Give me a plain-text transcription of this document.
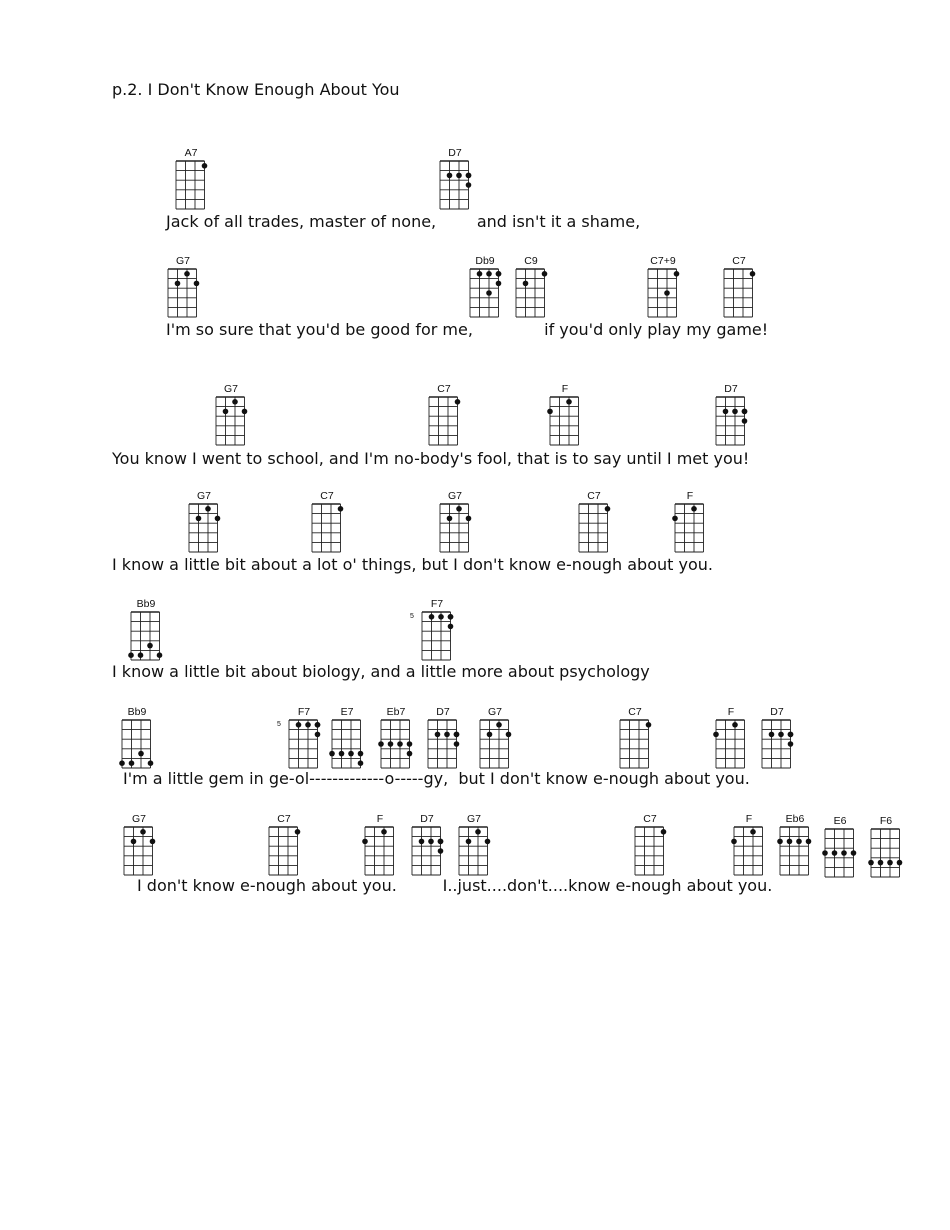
p.2. I Don't Know Enough About You
Jack of all trades, master of none,        and isn't it a shame,
A7	D7
I'm so sure that you'd be good for me,              if you'd only play my game!
G7	Db9	C9	C7+9	C7
You know I went to school, and I'm no-body's fool, that is to say until I met you!
G7	C7	F	D7
I know a little bit about a lot o' things, but I don't know e-nough about you.
G7	C7	G7	C7	F
I know a little bit about biology, and a little more about psychology
Bb9	F7
5
I'm a little gem in ge-ol-------------o-----gy,  but I don't know e-nough about you.
Bb9	F7
5
E7	Eb7	D7	G7	C7	F	D7
I don't know e-nough about you.         I..just....don't....know e-nough about you.
G7	C7	F	D7	G7	C7	F	Eb6	E6	F6
